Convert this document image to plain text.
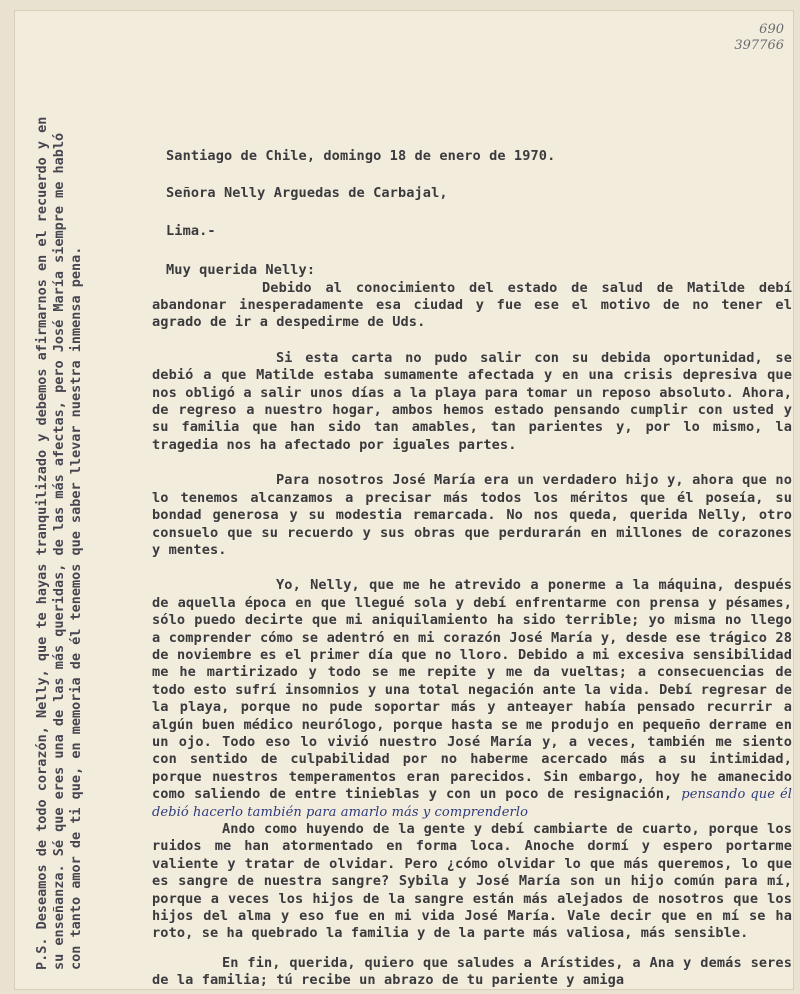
690
397766
P.S. Deseamos de todo corazón, Nelly, que te hayas tranquilizado y debemos afirmarnos en el recuerdo y en su enseñanza. Sé que eres una de las más queridas, de las más afectas, pero José María siempre me habló con tanto amor de ti que, en memoria de él tenemos que saber llevar nuestra inmensa pena.

Santiago de Chile, domingo 18 de enero de 1970.

Señora Nelly Arguedas de Carbajal,

Lima.-

Muy querida Nelly:

Debido al conocimiento del estado de salud de Matilde debí abandonar inesperadamente esa ciudad y fue ese el motivo de no tener el agrado de ir a despedirme de Uds.

Si esta carta no pudo salir con su debida oportunidad, se debió a que Matilde estaba sumamente afectada y en una crisis depresiva que nos obligó a salir unos días a la playa para tomar un reposo absoluto. Ahora, de regreso a nuestro hogar, ambos hemos estado pensando cumplir con usted y su familia que han sido tan amables, tan parientes y, por lo mismo, la tragedia nos ha afectado por iguales partes.

Para nosotros José María era un verdadero hijo y, ahora que no lo tenemos alcanzamos a precisar más todos los méritos que él poseía, su bondad generosa y su modestia remarcada. No nos queda, querida Nelly, otro consuelo que su recuerdo y sus obras que perdurarán en millones de corazones y mentes.

Yo, Nelly, que me he atrevido a ponerme a la máquina, después de aquella época en que llegué sola y debí enfrentarme con prensa y pésames, sólo puedo decirte que mi aniquilamiento ha sido terrible; yo misma no llego a comprender cómo se adentró en mi corazón José María y, desde ese trágico 28 de noviembre es el primer día que no lloro. Debido a mi excesiva sensibilidad me he martirizado y todo se me repite y me da vueltas; a consecuencias de todo esto sufrí insomnios y una total negación ante la vida. Debí regresar de la playa, porque no pude soportar más y anteayer había pensado recurrir a algún buen médico neurólogo, porque hasta se me produjo en pequeño derrame en un ojo. Todo eso lo vivió nuestro José María y, a veces, también me siento con sentido de culpabilidad por no haberme acercado más a su intimidad, porque nuestros temperamentos eran parecidos. Sin embargo, hoy he amanecido como saliendo de entre tinieblas y con un poco de resignación, pensando que él debió hacerlo también para amarlo más y comprenderlo

Ando como huyendo de la gente y debí cambiarte de cuarto, porque los ruidos me han atormentado en forma loca. Anoche dormí y espero portarme valiente y tratar de olvidar. Pero ¿cómo olvidar lo que más queremos, lo que es sangre de nuestra sangre? Sybila y José María son un hijo común para mí, porque a veces los hijos de la sangre están más alejados de nosotros que los hijos del alma y eso fue en mi vida José María. Vale decir que en mí se ha roto, se ha quebrado la familia y de la parte más valiosa, más sensible.

En fin, querida, quiero que saludes a Arístides, a Ana y demás seres de la familia; tú recibe un abrazo de tu pariente y amiga
